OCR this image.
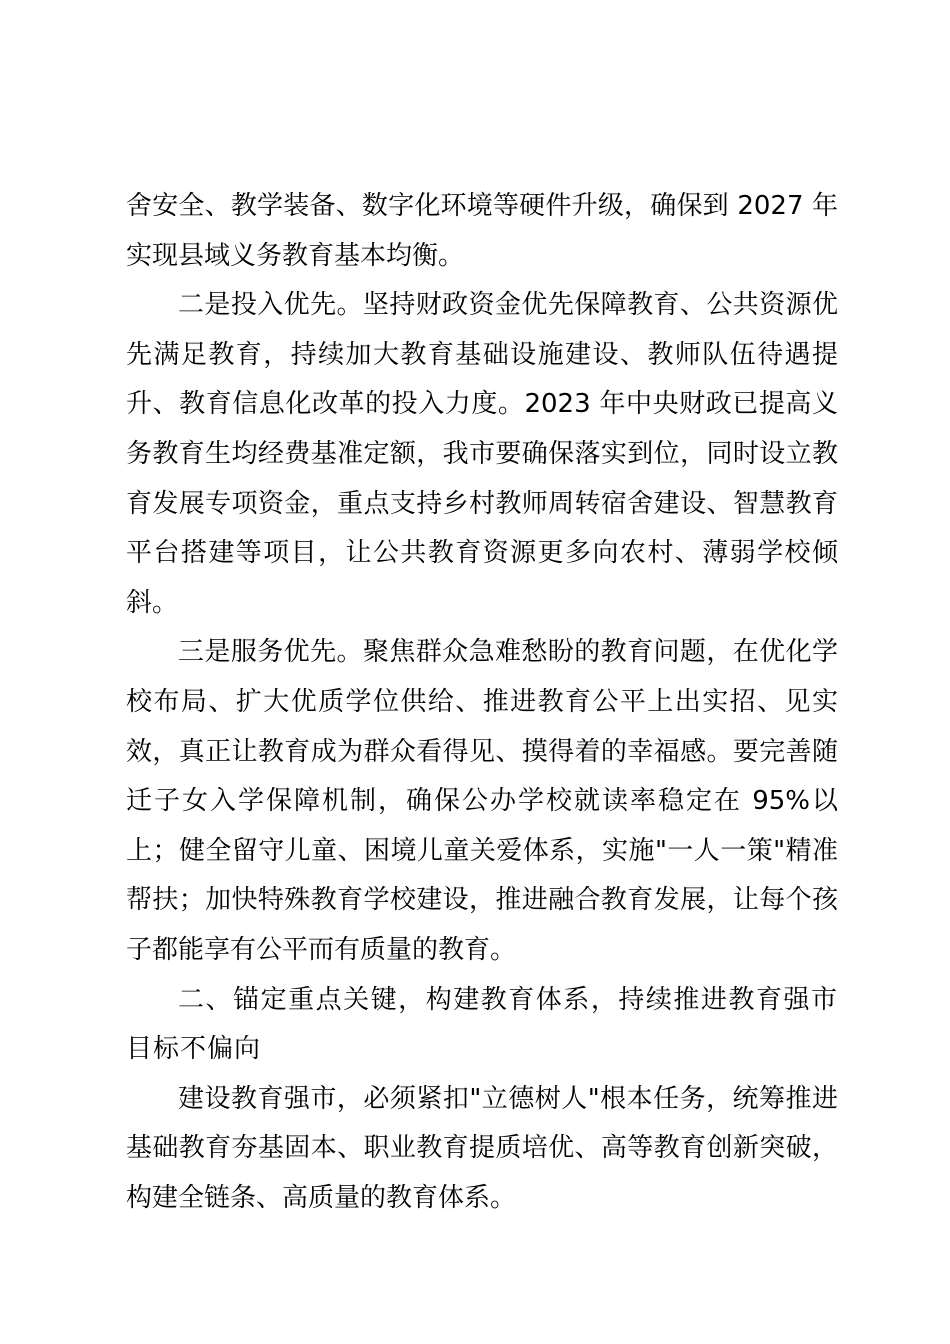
舍安全、教学装备、数字化环境等硬件升级，确保到 2027 年实现县域义务教育基本均衡。

二是投入优先。坚持财政资金优先保障教育、公共资源优先满足教育，持续加大教育基础设施建设、教师队伍待遇提升、教育信息化改革的投入力度。2023 年中央财政已提高义务教育生均经费基准定额，我市要确保落实到位，同时设立教育发展专项资金，重点支持乡村教师周转宿舍建设、智慧教育平台搭建等项目，让公共教育资源更多向农村、薄弱学校倾斜。

三是服务优先。聚焦群众急难愁盼的教育问题，在优化学校布局、扩大优质学位供给、推进教育公平上出实招、见实效，真正让教育成为群众看得见、摸得着的幸福感。要完善随迁子女入学保障机制，确保公办学校就读率稳定在 95%以上；健全留守儿童、困境儿童关爱体系，实施"一人一策"精准帮扶；加快特殊教育学校建设，推进融合教育发展，让每个孩子都能享有公平而有质量的教育。

二、锚定重点关键，构建教育体系，持续推进教育强市目标不偏向

建设教育强市，必须紧扣"立德树人"根本任务，统筹推进基础教育夯基固本、职业教育提质培优、高等教育创新突破，构建全链条、高质量的教育体系。
